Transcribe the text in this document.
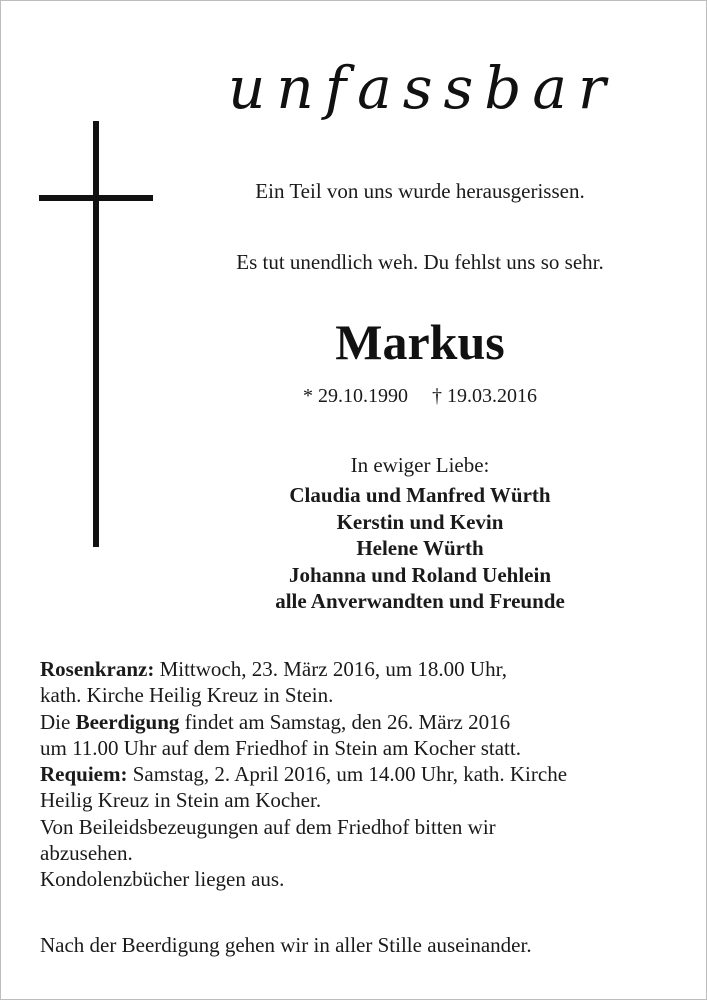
unfassbar
Ein Teil von uns wurde herausgerissen.
Es tut unendlich weh. Du fehlst uns so sehr.
Markus
* 29.10.1990 † 19.03.2016
In ewiger Liebe:
Claudia und Manfred Würth
Kerstin und Kevin
Helene Würth
Johanna und Roland Uehlein
alle Anverwandten und Freunde
Rosenkranz: Mittwoch, 23. März 2016, um 18.00 Uhr,
kath. Kirche Heilig Kreuz in Stein.
Die Beerdigung findet am Samstag, den 26. März 2016
um 11.00 Uhr auf dem Friedhof in Stein am Kocher statt.
Requiem: Samstag, 2. April 2016, um 14.00 Uhr, kath. Kirche
Heilig Kreuz in Stein am Kocher.
Von Beileidsbezeugungen auf dem Friedhof bitten wir
abzusehen.
Kondolenzbücher liegen aus.
Nach der Beerdigung gehen wir in aller Stille auseinander.
